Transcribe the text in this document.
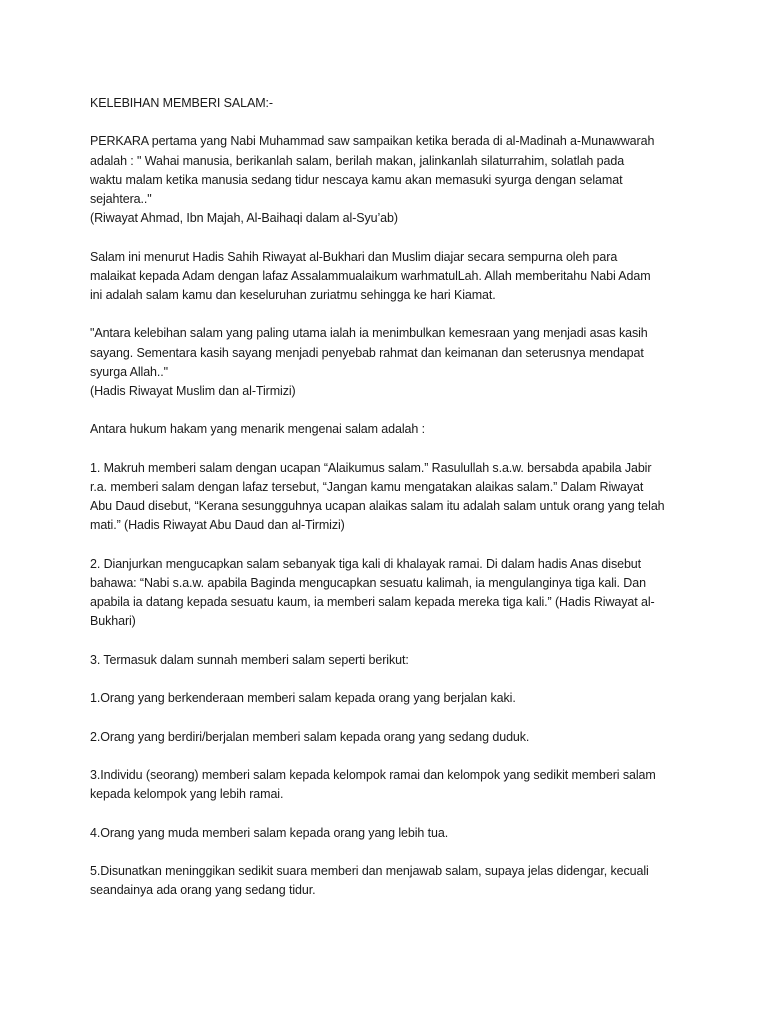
KELEBIHAN MEMBERI SALAM:-
PERKARA pertama yang Nabi Muhammad saw sampaikan ketika berada di al-Madinah a-Munawwarah
adalah : " Wahai manusia, berikanlah salam, berilah makan, jalinkanlah silaturrahim, solatlah pada
waktu malam ketika manusia sedang tidur nescaya kamu akan memasuki syurga dengan selamat
sejahtera.."
(Riwayat Ahmad, Ibn Majah, Al-Baihaqi dalam al-Syu’ab)
Salam ini menurut Hadis Sahih Riwayat al-Bukhari dan Muslim diajar secara sempurna oleh para
malaikat kepada Adam dengan lafaz Assalammualaikum warhmatulLah. Allah memberitahu Nabi Adam
ini adalah salam kamu dan keseluruhan zuriatmu sehingga ke hari Kiamat.
"Antara kelebihan salam yang paling utama ialah ia menimbulkan kemesraan yang menjadi asas kasih
sayang. Sementara kasih sayang menjadi penyebab rahmat dan keimanan dan seterusnya mendapat
syurga Allah.."
(Hadis Riwayat Muslim dan al-Tirmizi)
Antara hukum hakam yang menarik mengenai salam adalah :
1. Makruh memberi salam dengan ucapan “Alaikumus salam.” Rasulullah s.a.w. bersabda apabila Jabir
r.a. memberi salam dengan lafaz tersebut, “Jangan kamu mengatakan alaikas salam.” Dalam Riwayat
Abu Daud disebut, “Kerana sesungguhnya ucapan alaikas salam itu adalah salam untuk orang yang telah
mati.” (Hadis Riwayat Abu Daud dan al-Tirmizi)
2. Dianjurkan mengucapkan salam sebanyak tiga kali di khalayak ramai. Di dalam hadis Anas disebut
bahawa: “Nabi s.a.w. apabila Baginda mengucapkan sesuatu kalimah, ia mengulanginya tiga kali. Dan
apabila ia datang kepada sesuatu kaum, ia memberi salam kepada mereka tiga kali.” (Hadis Riwayat al-
Bukhari)
3. Termasuk dalam sunnah memberi salam seperti berikut:
1.Orang yang berkenderaan memberi salam kepada orang yang berjalan kaki.
2.Orang yang berdiri/berjalan memberi salam kepada orang yang sedang duduk.
3.Individu (seorang) memberi salam kepada kelompok ramai dan kelompok yang sedikit memberi salam
kepada kelompok yang lebih ramai.
4.Orang yang muda memberi salam kepada orang yang lebih tua.
5.Disunatkan meninggikan sedikit suara memberi dan menjawab salam, supaya jelas didengar, kecuali
seandainya ada orang yang sedang tidur.
